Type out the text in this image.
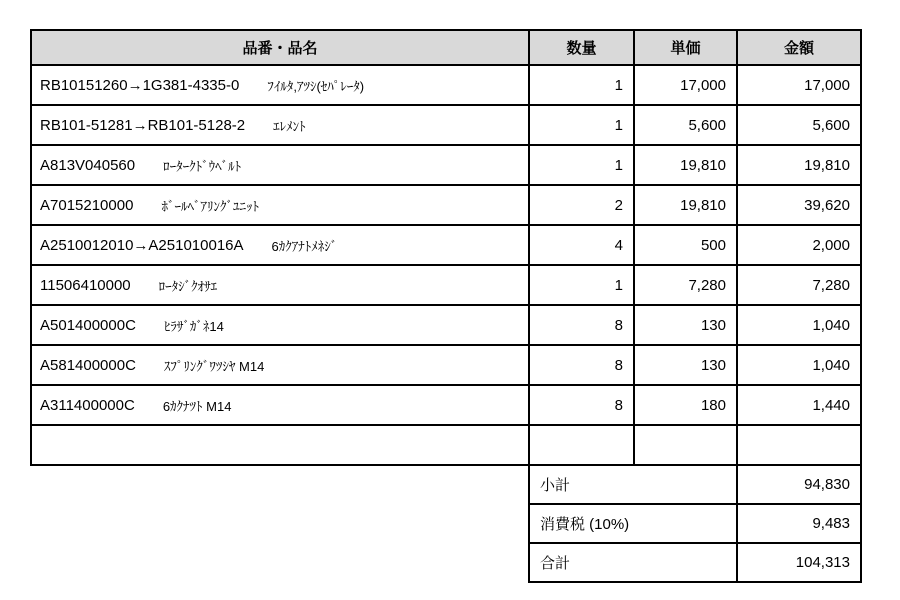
品番・品名	数量	単価	金額
RB10151260→1G381-4335-0 ﾌｲﾙﾀ,ｱﾂｼ(ｾﾊﾟﾚｰﾀ)	1	17,000	17,000
RB101-51281→RB101-5128-2 ｴﾚﾒﾝﾄ	1	5,600	5,600
A813V040560 ﾛｰﾀｰｸﾄﾞｳﾍﾞﾙﾄ	1	19,810	19,810
A7015210000 ﾎﾞｰﾙﾍﾞｱﾘﾝｸﾞﾕﾆｯﾄ	2	19,810	39,620
A2510012010→A251010016A 6ｶｸｱﾅﾄﾒﾈｼﾞ	4	500	2,000
11506410000 ﾛｰﾀｼﾞｸｵｻｴ	1	7,280	7,280
A501400000C ﾋﾗｻﾞｶﾞﾈ14	8	130	1,040
A581400000C ｽﾌﾟﾘﾝｸﾞﾜﾂｼﾔ M14	8	130	1,040
A311400000C 6ｶｸﾅﾂﾄ M14	8	180	1,440
小計	94,830
消費税 (10%)	9,483
合計	104,313
